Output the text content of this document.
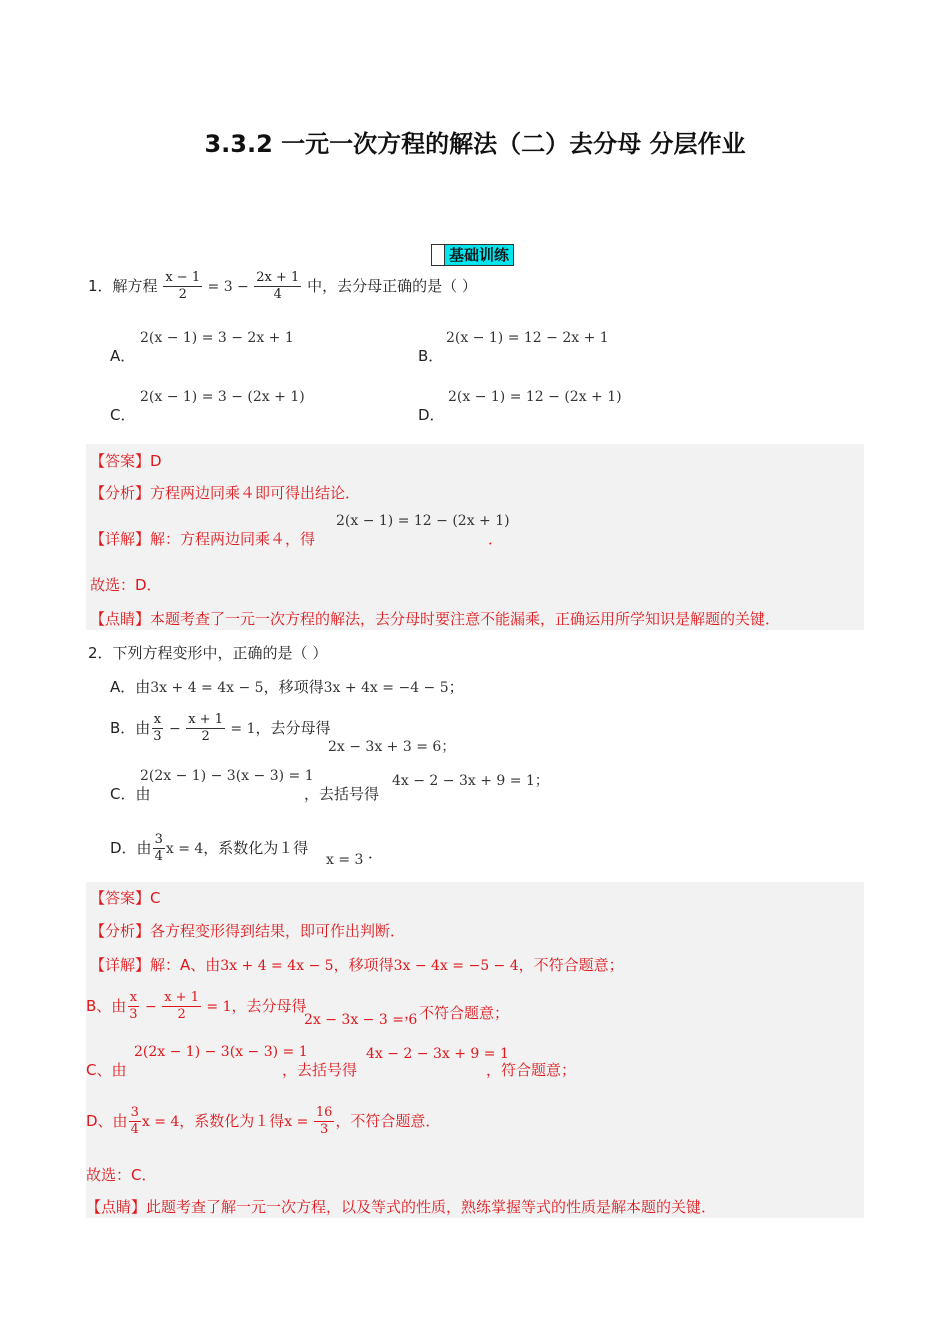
3.3.2 一元一次方程的解法（二）去分母 分层作业
基础训练
1．解方程 $\frac{x - 1}{2} = 3 - \frac{2x + 1}{4}$ 中，去分母正确的是（ ）
A．
2(x − 1) = 3 − 2x + 1
B．
2(x − 1) = 12 − 2x + 1
C．
2(x − 1) = 3 − (2x + 1)
D．
2(x − 1) = 12 − (2x + 1)
【答案】D
【分析】方程两边同乘４即可得出结论．
【详解】解：方程两边同乘４，得
2(x − 1) = 12 − (2x + 1)
．
故选：D．
【点睛】本题考查了一元一次方程的解法，去分母时要注意不能漏乘，正确运用所学知识是解题的关键．
2．下列方程变形中，正确的是（ ）
A．由3x + 4 = 4x − 5，移项得3x + 4x = −4 − 5；
B．由 $\frac{x}{3} - \frac{x + 1}{2} = 1$，去分母得
2x − 3x + 3 = 6；
2(2x − 1) − 3(x − 3) = 1
C．由	，去括号得
4x − 2 − 3x + 9 = 1；
D．由 $\frac{3}{4}$ x = 4，系数化为１得
x = 3 ．
【答案】C
【分析】各方程变形得到结果，即可作出判断．
【详解】解：A、由3x + 4 = 4x − 5，移项得3x − 4x = −5 − 4，不符合题意；
B、由 $\frac{x}{3} - \frac{x + 1}{2} = 1$，去分母得
2x − 3x − 3 = 6
，不符合题意；
2(2x − 1) − 3(x − 3) = 1
C、由	，去括号得
4x − 2 − 3x + 9 = 1
，符合题意；
D、由 $\frac{3}{4}$ x = 4，系数化为１得$x = \frac{16}{3}$ ，不符合题意．
故选：C．
【点睛】此题考查了解一元一次方程，以及等式的性质，熟练掌握等式的性质是解本题的关键．
